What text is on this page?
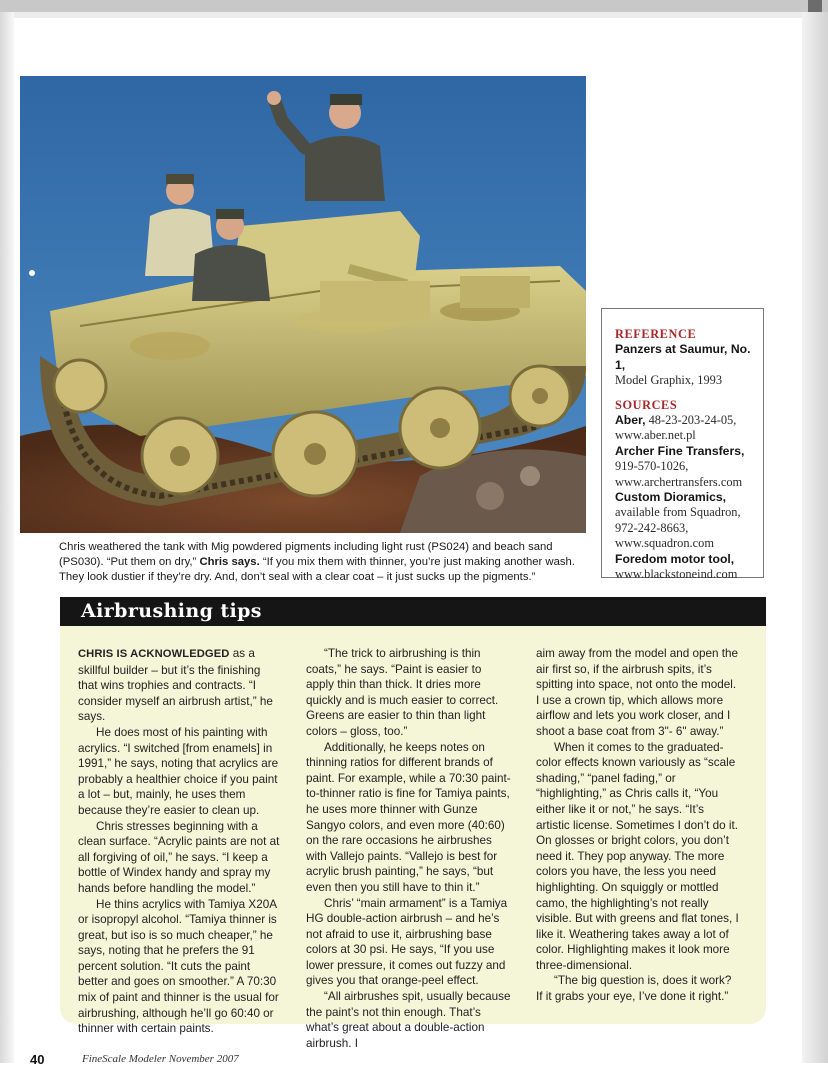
Chris weathered the tank with Mig powdered pigments including light rust (PS024) and beach sand (PS030). “Put them on dry,” Chris says. “If you mix them with thinner, you’re just making another wash. They look dustier if they’re dry. And, don’t seal with a clear coat – it just sucks up the pigments.”
REFERENCE
Panzers at Saumur, No. 1,
Model Graphix, 1993
SOURCES
Aber, 48-23-203-24-05,
www.aber.net.pl
Archer Fine Transfers,
919-570-1026,
www.archertransfers.com
Custom Dioramics,
available from Squadron,
972-242-8663,
www.squadron.com
Foredom motor tool,
www.blackstoneind.com
Airbrushing tips

CHRIS IS ACKNOWLEDGED as a skillful builder – but it’s the finishing that wins trophies and contracts. “I consider myself an airbrush artist,” he says.

He does most of his painting with acrylics. “I switched [from enamels] in 1991,” he says, noting that acrylics are probably a healthier choice if you paint a lot – but, mainly, he uses them because they’re easier to clean up.

Chris stresses beginning with a clean surface. “Acrylic paints are not at all forgiving of oil,” he says. “I keep a bottle of Windex handy and spray my hands before handling the model.”

He thins acrylics with Tamiya X20A or isopropyl alcohol. “Tamiya thinner is great, but iso is so much cheaper,” he says, noting that he prefers the 91 percent solution. “It cuts the paint better and goes on smoother.” A 70:30 mix of paint and thinner is the usual for airbrushing, although he’ll go 60:40 or thinner with certain paints.

“The trick to airbrushing is thin coats,” he says. “Paint is easier to apply thin than thick. It dries more quickly and is much easier to correct. Greens are easier to thin than light colors – gloss, too.”

Additionally, he keeps notes on thinning ratios for different brands of paint. For example, while a 70:30 paint-to-thinner ratio is fine for Tamiya paints, he uses more thinner with Gunze Sangyo colors, and even more (40:60) on the rare occasions he airbrushes with Vallejo paints. “Vallejo is best for acrylic brush painting,” he says, “but even then you still have to thin it.”

Chris’ “main armament” is a Tamiya HG double-action airbrush – and he’s not afraid to use it, airbrushing base colors at 30 psi. He says, “If you use lower pressure, it comes out fuzzy and gives you that orange-peel effect.

“All airbrushes spit, usually because the paint’s not thin enough. That’s what’s great about a double-action airbrush. I

aim away from the model and open the air first so, if the airbrush spits, it’s spitting into space, not onto the model. I use a crown tip, which allows more airflow and lets you work closer, and I shoot a base coat from 3"- 6" away.”

When it comes to the graduated-color effects known variously as “scale shading,” “panel fading,” or “highlighting,” as Chris calls it, “You either like it or not,” he says. “It’s artistic license. Sometimes I don’t do it. On glosses or bright colors, you don’t need it. They pop anyway. The more colors you have, the less you need highlighting. On squiggly or mottled camo, the highlighting’s not really visible. But with greens and flat tones, I like it. Weathering takes away a lot of color. Highlighting makes it look more three-dimensional.

“The big question is, does it work? If it grabs your eye, I’ve done it right.”

40	FineScale Modeler November 2007
